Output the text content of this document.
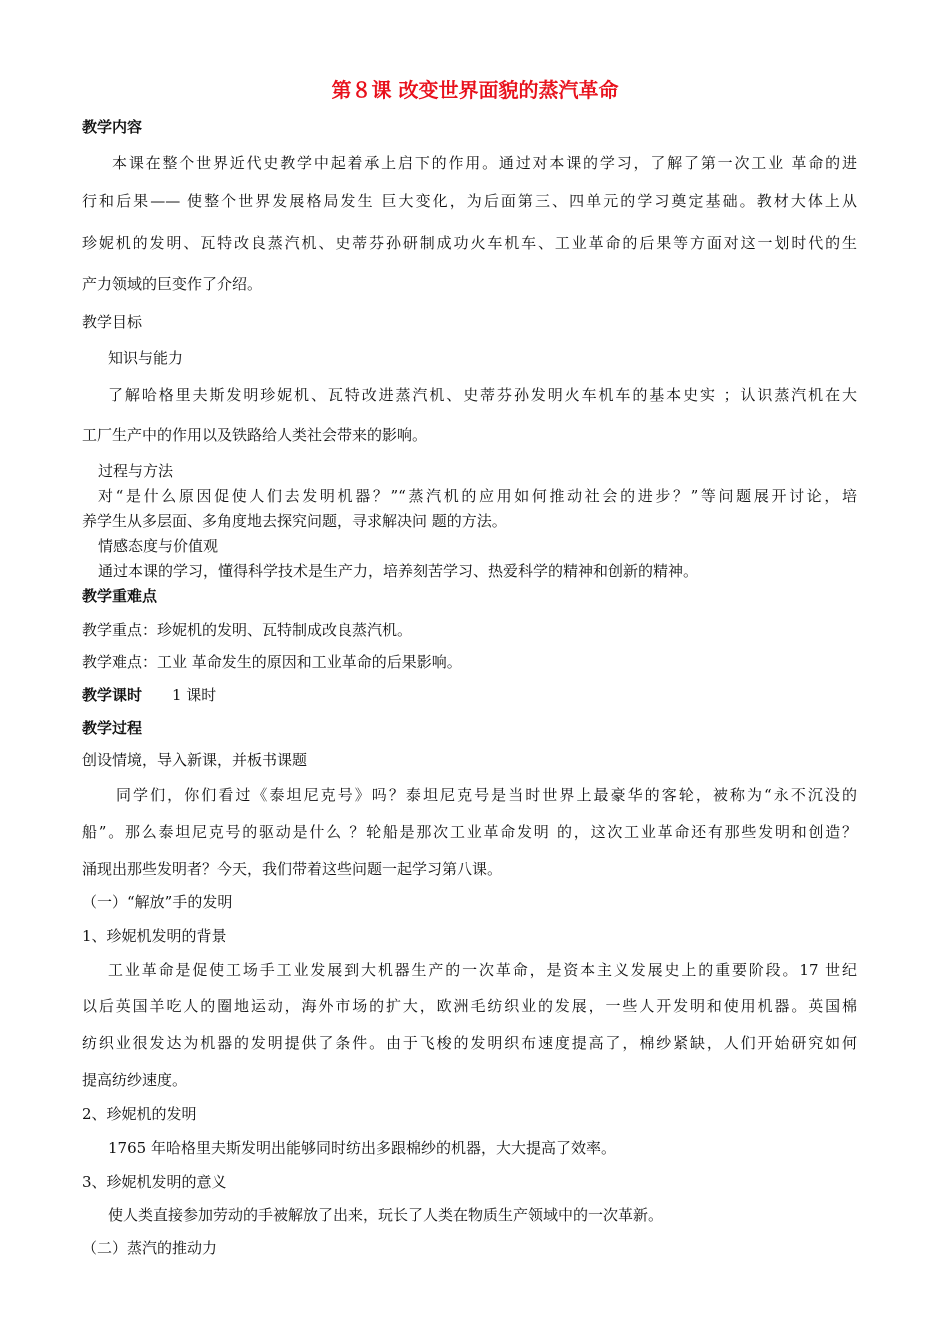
第８课 改变世界面貌的蒸汽革命
教学内容
本课在整个世界近代史教学中起着承上启下的作用。通过对本课的学习，了解了第一次工业 革命的进
行和后果—— 使整个世界发展格局发生 巨大变化，为后面第三、四单元的学习奠定基础。教材大体上从
珍妮机的发明、瓦特改良蒸汽机、史蒂芬孙研制成功火车机车、工业革命的后果等方面对这一划时代的生
产力领域的巨变作了介绍。
教学目标
知识与能力
了解哈格里夫斯发明珍妮机、瓦特改进蒸汽机、史蒂芬孙发明火车机车的基本史实 ；认识蒸汽机在大
工厂生产中的作用以及铁路给人类社会带来的影响。
过程与方法
对“是什么原因促使人们去发明机器？”“蒸汽机的应用如何推动社会的进步？”等问题展开讨论，培
养学生从多层面、多角度地去探究问题，寻求解决问 题的方法。
情感态度与价值观
通过本课的学习，懂得科学技术是生产力，培养刻苦学习、热爱科学的精神和创新的精神。
教学重难点
教学重点：珍妮机的发明、瓦特制成改良蒸汽机。
教学难点：工业 革命发生的原因和工业革命的后果影响。
教学课时 1 课时
教学过程
创设情境，导入新课，并板书课题
同学们，你们看过《泰坦尼克号》吗？泰坦尼克号是当时世界上最豪华的客轮，被称为“永不沉没的
船”。那么泰坦尼克号的驱动是什么 ？轮船是那次工业革命发明 的，这次工业革命还有那些发明和创造？
涌现出那些发明者？今天，我们带着这些问题一起学习第八课。
（一）“解放”手的发明
1、珍妮机发明的背景
工业革命是促使工场手工业发展到大机器生产的一次革命，是资本主义发展史上的重要阶段。17 世纪
以后英国羊吃人的圈地运动，海外市场的扩大，欧洲毛纺织业的发展，一些人开发明和使用机器。英国棉
纺织业很发达为机器的发明提供了条件。由于飞梭的发明织布速度提高了，棉纱紧缺，人们开始研究如何
提高纺纱速度。
2、珍妮机的发明
1765 年哈格里夫斯发明出能够同时纺出多跟棉纱的机器，大大提高了效率。
3、珍妮机发明的意义
使人类直接参加劳动的手被解放了出来，玩长了人类在物质生产领域中的一次革新。
（二）蒸汽的推动力
